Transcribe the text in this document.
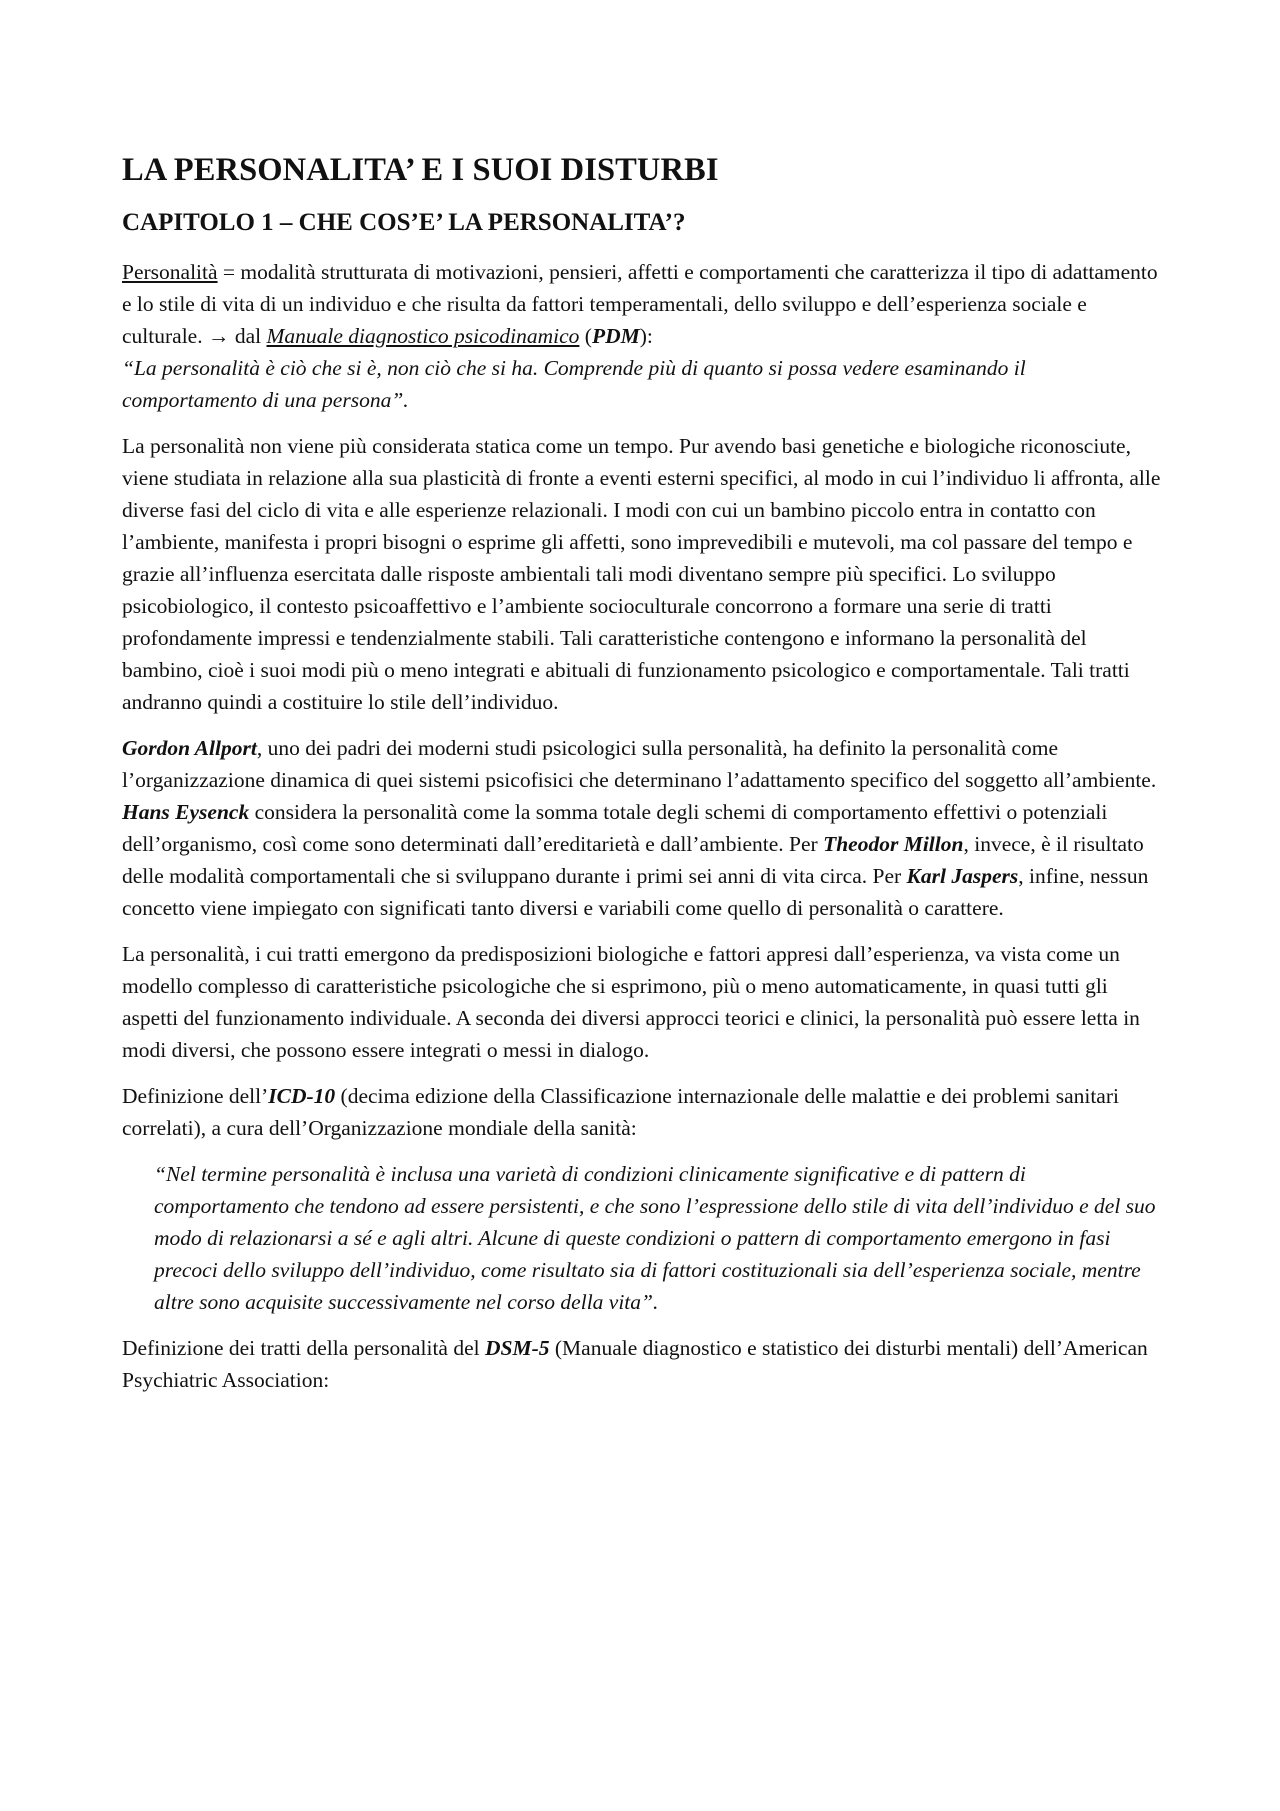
LA PERSONALITA’ E I SUOI DISTURBI
CAPITOLO 1 – CHE COS’E’ LA PERSONALITA’?

Personalità = modalità strutturata di motivazioni, pensieri, affetti e comportamenti che caratterizza il tipo di adattamento e lo stile di vita di un individuo e che risulta da fattori temperamentali, dello sviluppo e dell’esperienza sociale e culturale. → dal Manuale diagnostico psicodinamico (PDM):
“La personalità è ciò che si è, non ciò che si ha. Comprende più di quanto si possa vedere esaminando il comportamento di una persona”.

La personalità non viene più considerata statica come un tempo. Pur avendo basi genetiche e biologiche riconosciute, viene studiata in relazione alla sua plasticità di fronte a eventi esterni specifici, al modo in cui l’individuo li affronta, alle diverse fasi del ciclo di vita e alle esperienze relazionali. I modi con cui un bambino piccolo entra in contatto con l’ambiente, manifesta i propri bisogni o esprime gli affetti, sono imprevedibili e mutevoli, ma col passare del tempo e grazie all’influenza esercitata dalle risposte ambientali tali modi diventano sempre più specifici. Lo sviluppo psicobiologico, il contesto psicoaffettivo e l’ambiente socioculturale concorrono a formare una serie di tratti profondamente impressi e tendenzialmente stabili. Tali caratteristiche contengono e informano la personalità del bambino, cioè i suoi modi più o meno integrati e abituali di funzionamento psicologico e comportamentale. Tali tratti andranno quindi a costituire lo stile dell’individuo.

Gordon Allport, uno dei padri dei moderni studi psicologici sulla personalità, ha definito la personalità come l’organizzazione dinamica di quei sistemi psicofisici che determinano l’adattamento specifico del soggetto all’ambiente. Hans Eysenck considera la personalità come la somma totale degli schemi di comportamento effettivi o potenziali dell’organismo, così come sono determinati dall’ereditarietà e dall’ambiente. Per Theodor Millon, invece, è il risultato delle modalità comportamentali che si sviluppano durante i primi sei anni di vita circa. Per Karl Jaspers, infine, nessun concetto viene impiegato con significati tanto diversi e variabili come quello di personalità o carattere.

La personalità, i cui tratti emergono da predisposizioni biologiche e fattori appresi dall’esperienza, va vista come un modello complesso di caratteristiche psicologiche che si esprimono, più o meno automaticamente, in quasi tutti gli aspetti del funzionamento individuale. A seconda dei diversi approcci teorici e clinici, la personalità può essere letta in modi diversi, che possono essere integrati o messi in dialogo.

Definizione dell’ICD-10 (decima edizione della Classificazione internazionale delle malattie e dei problemi sanitari correlati), a cura dell’Organizzazione mondiale della sanità:

“Nel termine personalità è inclusa una varietà di condizioni clinicamente significative e di pattern di comportamento che tendono ad essere persistenti, e che sono l’espressione dello stile di vita dell’individuo e del suo modo di relazionarsi a sé e agli altri. Alcune di queste condizioni o pattern di comportamento emergono in fasi precoci dello sviluppo dell’individuo, come risultato sia di fattori costituzionali sia dell’esperienza sociale, mentre altre sono acquisite successivamente nel corso della vita”.

Definizione dei tratti della personalità del DSM-5 (Manuale diagnostico e statistico dei disturbi mentali) dell’American Psychiatric Association:
